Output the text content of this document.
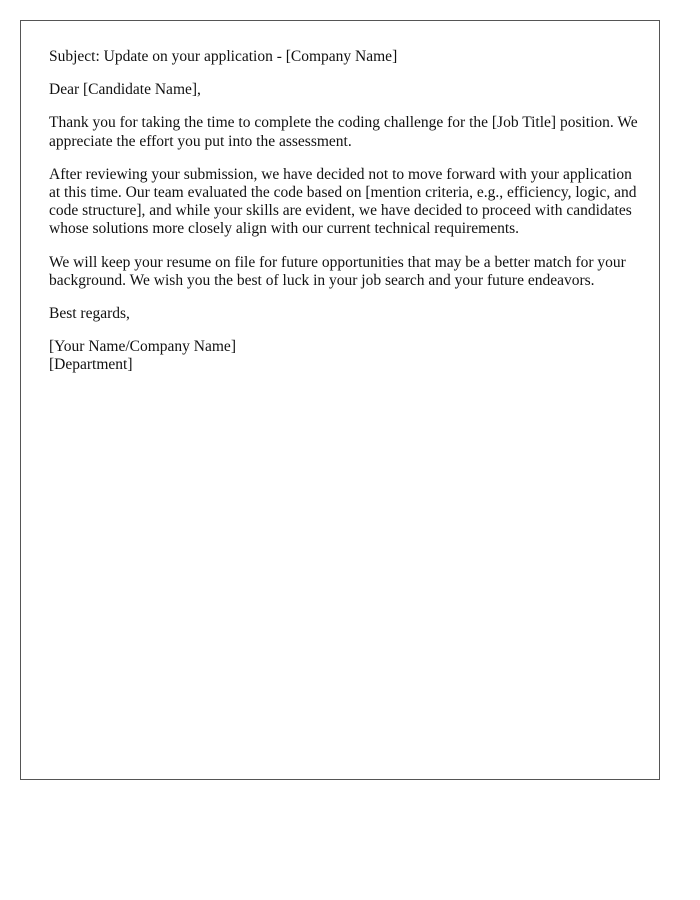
Subject: Update on your application - [Company Name]

Dear [Candidate Name],

Thank you for taking the time to complete the coding challenge for the [Job Title] position. We appreciate the effort you put into the assessment.

After reviewing your submission, we have decided not to move forward with your application at this time. Our team evaluated the code based on [mention criteria, e.g., efficiency, logic, and code structure], and while your skills are evident, we have decided to proceed with candidates whose solutions more closely align with our current technical requirements.

We will keep your resume on file for future opportunities that may be a better match for your background. We wish you the best of luck in your job search and your future endeavors.

Best regards,

[Your Name/Company Name]
[Department]
